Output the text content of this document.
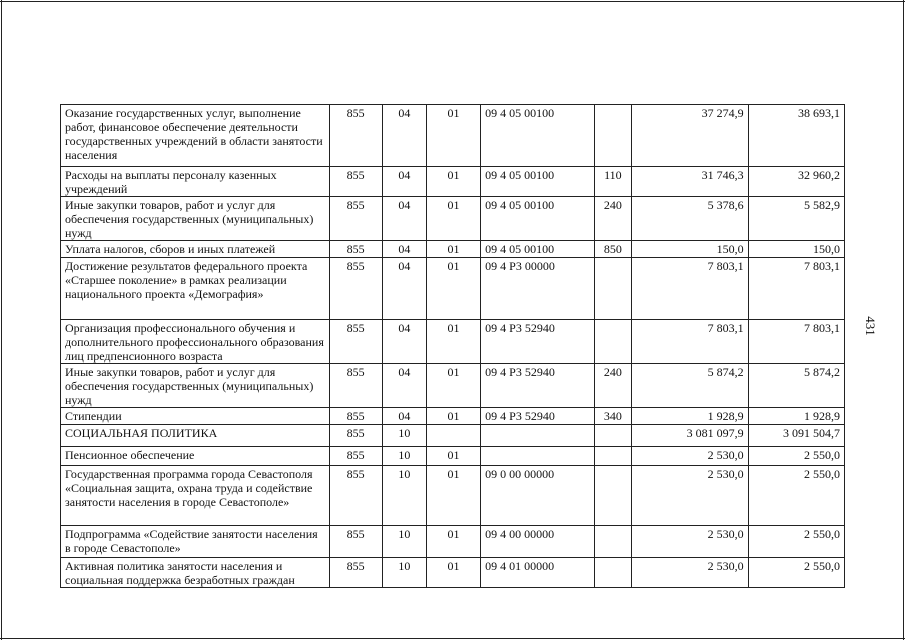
431
Оказание государственных услуг, выполнение работ, финансовое обеспечение деятельности государственных учреждений в области занятости населения	855	04	01	09 4 05 00100		37 274,9	38 693,1
Расходы на выплаты персоналу казенных учреждений	855	04	01	09 4 05 00100	110	31 746,3	32 960,2
Иные закупки товаров, работ и услуг для обеспечения государственных (муниципальных) нужд	855	04	01	09 4 05 00100	240	5 378,6	5 582,9
Уплата налогов, сборов и иных платежей	855	04	01	09 4 05 00100	850	150,0	150,0
Достижение результатов федерального проекта «Старшее поколение» в рамках реализации национального проекта «Демография»	855	04	01	09 4 P3 00000		7 803,1	7 803,1
Организация профессионального обучения и дополнительного профессионального образования лиц предпенсионного возраста	855	04	01	09 4 P3 52940		7 803,1	7 803,1
Иные закупки товаров, работ и услуг для обеспечения государственных (муниципальных) нужд	855	04	01	09 4 P3 52940	240	5 874,2	5 874,2
Стипендии	855	04	01	09 4 P3 52940	340	1 928,9	1 928,9
СОЦИАЛЬНАЯ ПОЛИТИКА	855	10				3 081 097,9	3 091 504,7
Пенсионное обеспечение	855	10	01			2 530,0	2 550,0
Государственная программа города Севастополя «Социальная защита, охрана труда и содействие занятости населения в городе Севастополе»	855	10	01	09 0 00 00000		2 530,0	2 550,0
Подпрограмма «Содействие занятости населения в городе Севастополе»	855	10	01	09 4 00 00000		2 530,0	2 550,0
Активная политика занятости населения и социальная поддержка безработных граждан	855	10	01	09 4 01 00000		2 530,0	2 550,0
